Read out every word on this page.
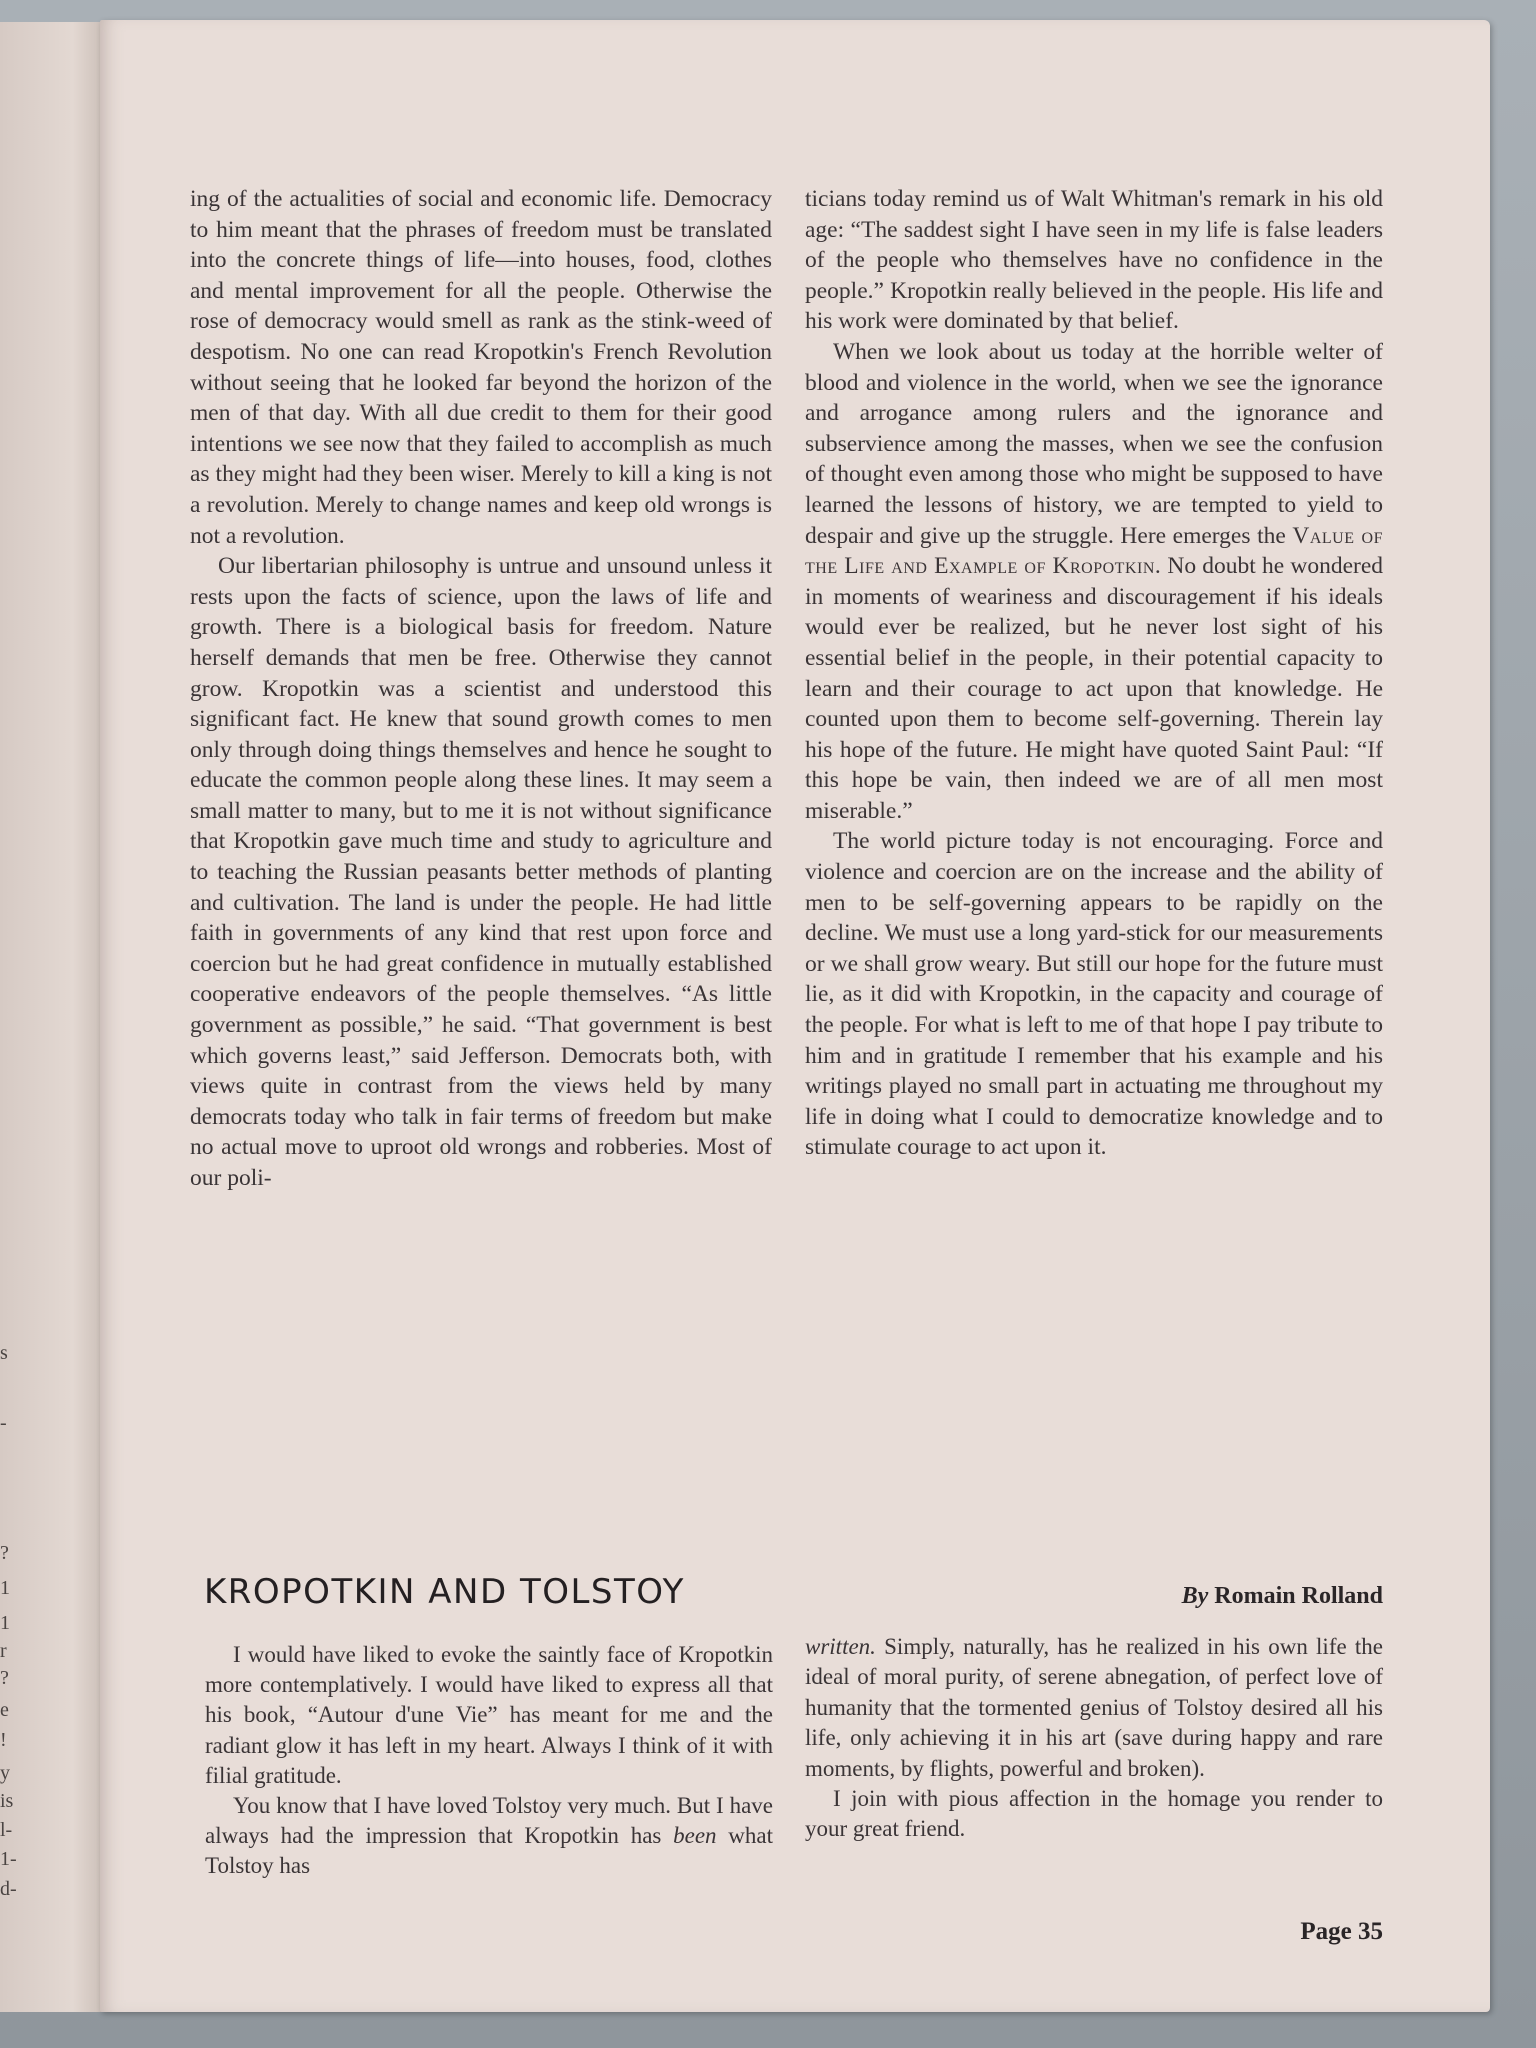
s
-
?
1
1
r
?
e
!
y
is
l-
1-
d-

ing of the actualities of social and economic life. Democracy to him meant that the phrases of freedom must be translated into the concrete things of life—into houses, food, clothes and mental improvement for all the people. Otherwise the rose of democracy would smell as rank as the stink-weed of despotism. No one can read Kropotkin's French Revolution without seeing that he looked far beyond the horizon of the men of that day. With all due credit to them for their good intentions we see now that they failed to accomplish as much as they might had they been wiser. Merely to kill a king is not a revolution. Merely to change names and keep old wrongs is not a revolution.

Our libertarian philosophy is untrue and unsound unless it rests upon the facts of science, upon the laws of life and growth. There is a biological basis for freedom. Nature herself demands that men be free. Otherwise they cannot grow. Kropotkin was a scientist and understood this significant fact. He knew that sound growth comes to men only through doing things themselves and hence he sought to educate the common people along these lines. It may seem a small matter to many, but to me it is not without significance that Kropotkin gave much time and study to agriculture and to teaching the Russian peasants better methods of planting and cultivation. The land is under the people. He had little faith in governments of any kind that rest upon force and coercion but he had great confidence in mutually established cooperative endeavors of the people themselves. “As little government as possible,” he said. “That government is best which governs least,” said Jefferson. Democrats both, with views quite in contrast from the views held by many democrats today who talk in fair terms of freedom but make no actual move to uproot old wrongs and robberies. Most of our poli-

ticians today remind us of Walt Whitman's remark in his old age: “The saddest sight I have seen in my life is false leaders of the people who themselves have no confidence in the people.” Kropotkin really believed in the people. His life and his work were dominated by that belief.

When we look about us today at the horrible welter of blood and violence in the world, when we see the ignorance and arrogance among rulers and the ignorance and subservience among the masses, when we see the confusion of thought even among those who might be supposed to have learned the lessons of history, we are tempted to yield to despair and give up the struggle. Here emerges the Value of the Life and Example of Kropotkin. No doubt he wondered in moments of weariness and discouragement if his ideals would ever be realized, but he never lost sight of his essential belief in the people, in their potential capacity to learn and their courage to act upon that knowledge. He counted upon them to become self-governing. Therein lay his hope of the future. He might have quoted Saint Paul: “If this hope be vain, then indeed we are of all men most miserable.”

The world picture today is not encouraging. Force and violence and coercion are on the increase and the ability of men to be self-governing appears to be rapidly on the decline. We must use a long yard-stick for our measurements or we shall grow weary. But still our hope for the future must lie, as it did with Kropotkin, in the capacity and courage of the people. For what is left to me of that hope I pay tribute to him and in gratitude I remember that his example and his writings played no small part in actuating me throughout my life in doing what I could to democratize knowledge and to stimulate courage to act upon it.

KROPOTKIN AND TOLSTOY	By Romain Rolland

I would have liked to evoke the saintly face of Kropotkin more contemplatively. I would have liked to express all that his book, “Autour d'une Vie” has meant for me and the radiant glow it has left in my heart. Always I think of it with filial gratitude.

You know that I have loved Tolstoy very much. But I have always had the impression that Kropotkin has been what Tolstoy has

written. Simply, naturally, has he realized in his own life the ideal of moral purity, of serene abnegation, of perfect love of humanity that the tormented genius of Tolstoy desired all his life, only achieving it in his art (save during happy and rare moments, by flights, powerful and broken).

I join with pious affection in the homage you render to your great friend.

Page 35
